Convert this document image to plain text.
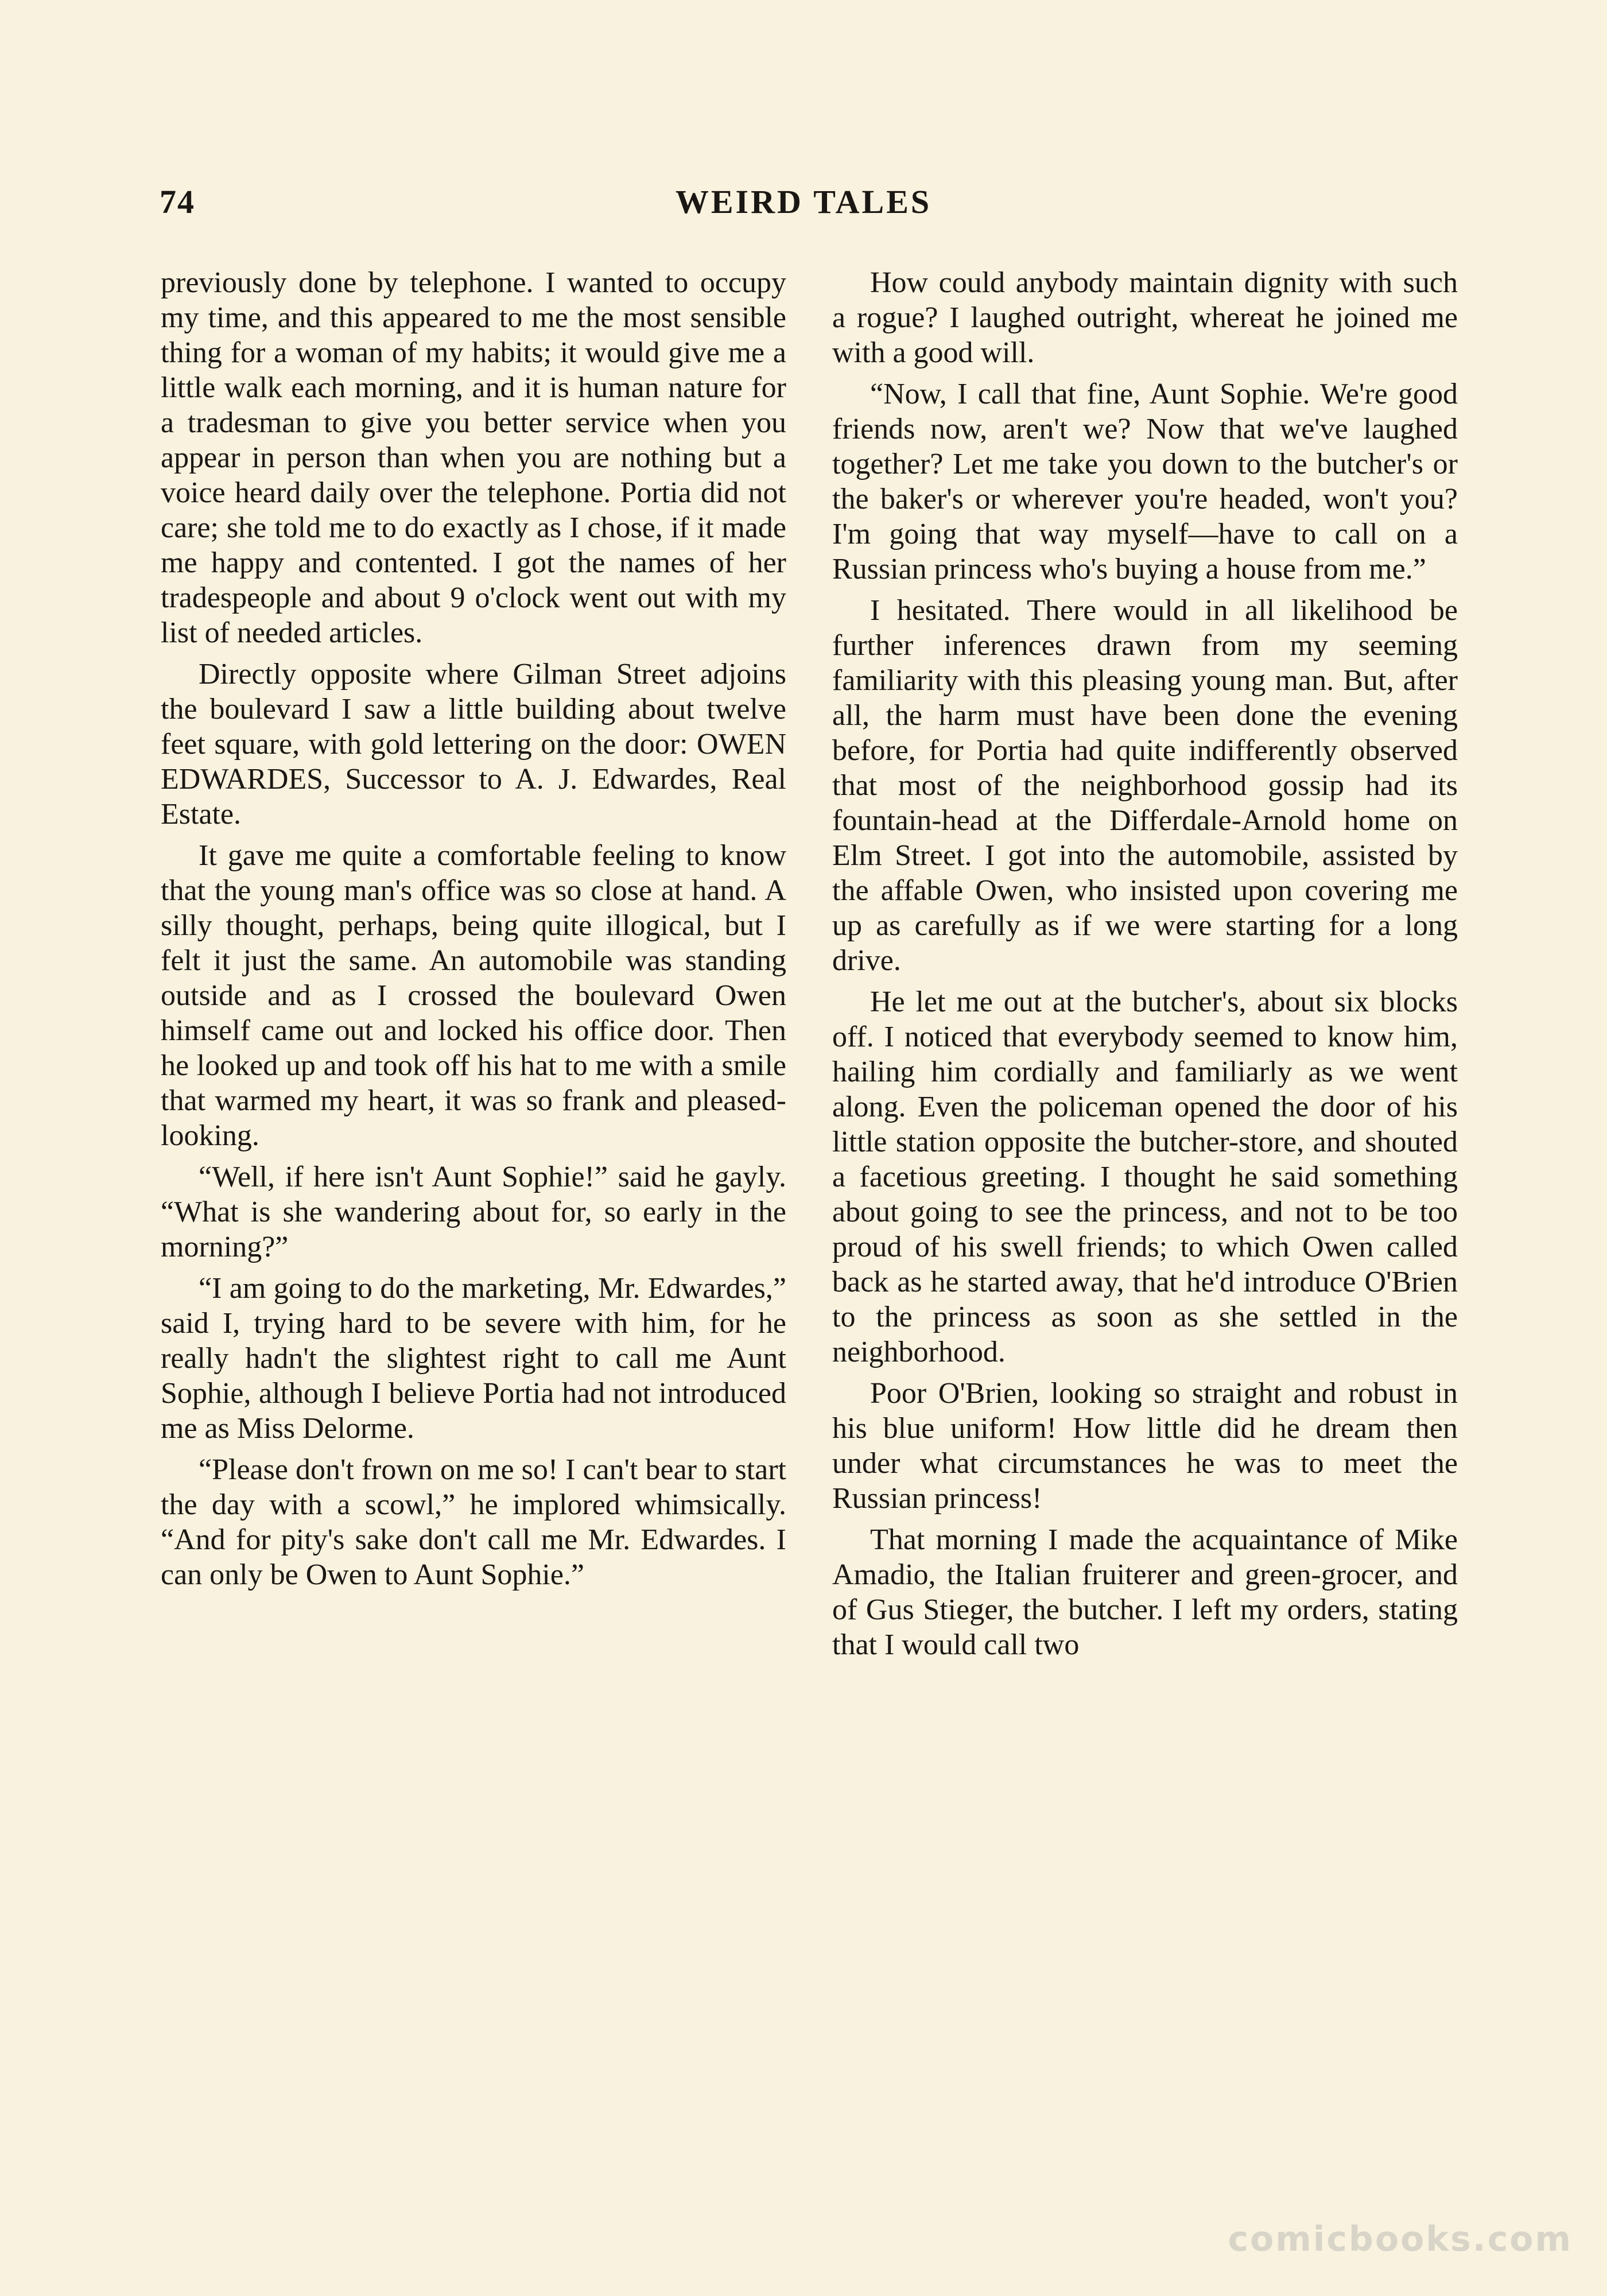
74	WEIRD TALES

previously done by telephone. I wanted to occupy my time, and this appeared to me the most sensible thing for a woman of my habits; it would give me a little walk each morning, and it is human nature for a tradesman to give you better service when you appear in person than when you are nothing but a voice heard daily over the telephone. Portia did not care; she told me to do exactly as I chose, if it made me happy and contented. I got the names of her tradespeople and about 9 o'clock went out with my list of needed articles.

Directly opposite where Gilman Street adjoins the boulevard I saw a little building about twelve feet square, with gold lettering on the door: OWEN EDWARDES, Successor to A. J. Edwardes, Real Estate.

It gave me quite a comfortable feeling to know that the young man's office was so close at hand. A silly thought, perhaps, being quite illogical, but I felt it just the same. An automobile was standing outside and as I crossed the boulevard Owen himself came out and locked his office door. Then he looked up and took off his hat to me with a smile that warmed my heart, it was so frank and pleased-looking.

“Well, if here isn't Aunt Sophie!” said he gayly. “What is she wandering about for, so early in the morning?”

“I am going to do the marketing, Mr. Edwardes,” said I, trying hard to be severe with him, for he really hadn't the slightest right to call me Aunt Sophie, although I believe Portia had not introduced me as Miss Delorme.

“Please don't frown on me so! I can't bear to start the day with a scowl,” he implored whimsically. “And for pity's sake don't call me Mr. Edwardes. I can only be Owen to Aunt Sophie.”

How could anybody maintain dignity with such a rogue? I laughed outright, whereat he joined me with a good will.

“Now, I call that fine, Aunt Sophie. We're good friends now, aren't we? Now that we've laughed together? Let me take you down to the butcher's or the baker's or wherever you're headed, won't you? I'm going that way myself—have to call on a Russian princess who's buying a house from me.”

I hesitated. There would in all likelihood be further inferences drawn from my seeming familiarity with this pleasing young man. But, after all, the harm must have been done the evening before, for Portia had quite indifferently observed that most of the neighborhood gossip had its fountain-head at the Differdale-Arnold home on Elm Street. I got into the automobile, assisted by the affable Owen, who insisted upon covering me up as carefully as if we were starting for a long drive.

He let me out at the butcher's, about six blocks off. I noticed that everybody seemed to know him, hailing him cordially and familiarly as we went along. Even the policeman opened the door of his little station opposite the butcher-store, and shouted a facetious greeting. I thought he said something about going to see the princess, and not to be too proud of his swell friends; to which Owen called back as he started away, that he'd introduce O'Brien to the princess as soon as she settled in the neighborhood.

Poor O'Brien, looking so straight and robust in his blue uniform! How little did he dream then under what circumstances he was to meet the Russian princess!

That morning I made the acquaintance of Mike Amadio, the Italian fruiterer and green-grocer, and of Gus Stieger, the butcher. I left my orders, stating that I would call two

comicbooks.com
